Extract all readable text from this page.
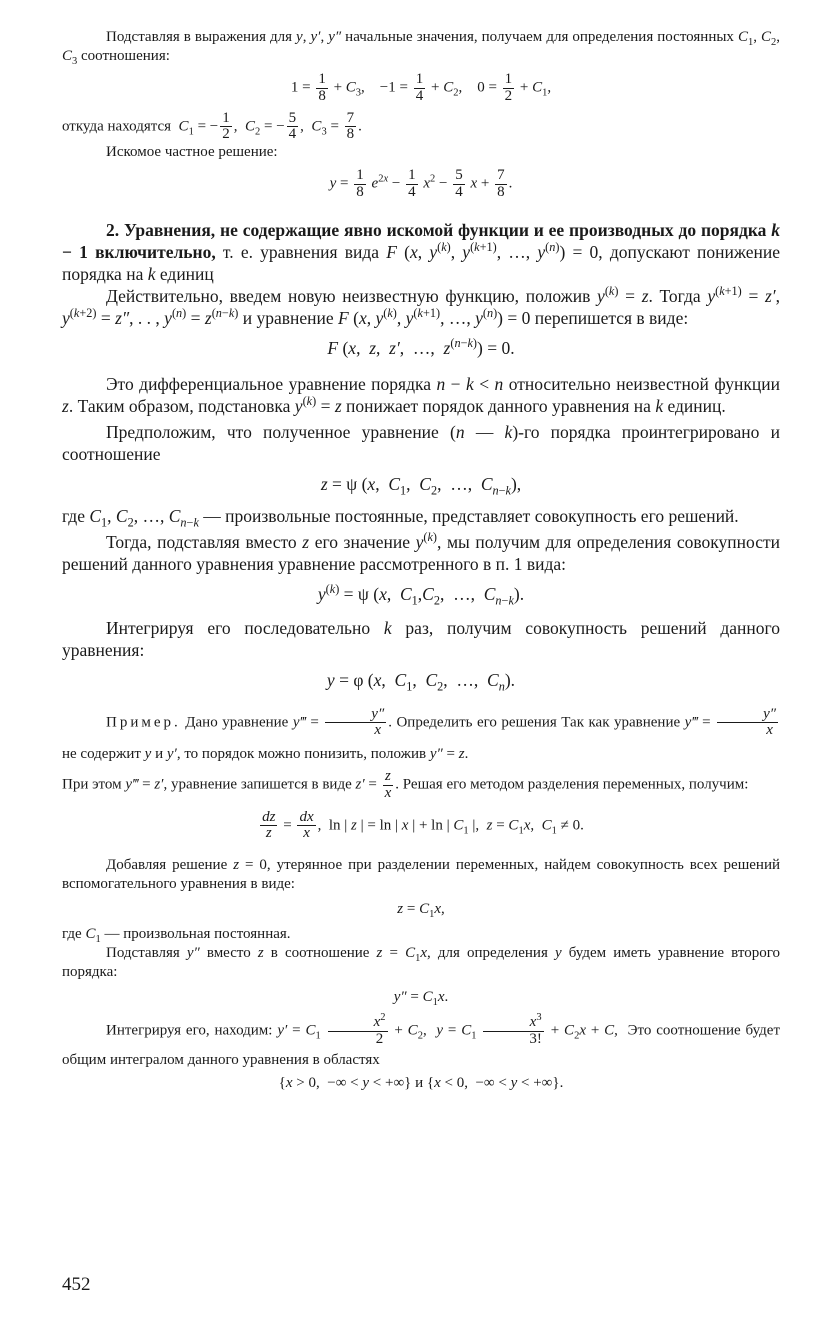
Подставляя в выражения для y, y′, y″ начальные значения, получаем для определения постоянных $C_1$, $C_2$, $C_3$ соотношения:

$1 = \frac{1}{8} + C_3$,    $-1 = \frac{1}{4} + C_2$,    $0 = \frac{1}{2} + C_1$,

откуда находятся  $C_1$ = − $\frac{1}{2}$ ,  $C_2$ = − $\frac{5}{4}$ ,  $C_3 = \frac{7}{8}$ .

Искомое частное решение:

$y = \frac{1}{8} e^{2x} - \frac{1}{4} x^2 - \frac{5}{4}$ $x + \frac{7}{8}$ .

2. Уравнения, не содержащие явно искомой функции и ее производных до порядка k − 1 включительно, т. е. уравнения вида F (x, $y^{(k)}$, $y^{(k+1)}$, …, $y^{(n)}) = 0$, допускают понижение порядка на k единиц

Действительно, введем новую неизвестную функцию, положив $y^{(k)} = z$. Тогда $y^{(k+1)} = z'$, $y^{(k+2)} = z''$, . . , $y^{(n)} = z^{(n-k)}$ и уравнение F (x, $y^{(k)}$, $y^{(k+1)}$, …, $y^{(n)}) = 0$ перепишется в виде:

F (x,  z,  z′,  …,  $z^{(n-k)}) = 0$.

Это дифференциальное уравнение порядка n − k < n относительно неизвестной функции z. Таким образом, подстановка $y^{(k)} = z$ понижает порядок данного уравнения на k единиц.

Предположим, что полученное уравнение (n — k)-го порядка проинтегрировано и соотношение

z = ψ (x,  $C_1$,  $C_2$,  …,  $C_{n-k}$),

где $C_1$, $C_2$, …, $C_{n-k}$ — произвольные постоянные, представляет совокупность его решений.

Тогда, подставляя вместо z его значение $y^{(k)}$, мы получим для определения совокупности решений данного уравнения уравнение рассмотренного в п. 1 вида:

$y^{(k)} = \psi$ (x,  $C_1,C_2$,  …,  $C_{n-k}$).

Интегрируя его последовательно k раз, получим совокупность решений данного уравнения:

y = φ (x,  $C_1$,  $C_2$,  …,  $C_n$).

Пример. Дано уравнение y‴ = $\frac{y''}{x}$ . Определить его решения Так как уравнение y‴ = $\frac{y''}{x}$
не содержит y и y′, то порядок можно понизить, положив y″ = z.

При этом y‴ = z′, уравнение запишется в виде $z' = \frac{z}{x}$ . Решая его методом разделения переменных, получим:

$\frac{dz}{z} = \frac{dx}{x}$ ,  ln | z | = ln | x | + ln | $C_1$ |,  $z = C_1x$,  $C_1 \ne 0$.

Добавляя решение z = 0, утерянное при разделении переменных, найдем совокупность всех решений вспомогательного уравнения в виде:

$z = C_1x$,

где $C_1$ — произвольная постоянная.

Подставляя y″ вместо z в соотношение $z = C_1x$, для определения y будем иметь уравнение второго порядка:

$y'' = C_1x$.

Интегрируя его, находим: $y' = C_1 \frac{x^2}{2} + C_2$,  $y = C_1 \frac{x^3}{3!} + C_2x + C$,  Это соотношение будет общим интегралом данного уравнения в областях

{x > 0,  −∞ < y < +∞} и {x < 0,  −∞ < y < +∞}.

452
